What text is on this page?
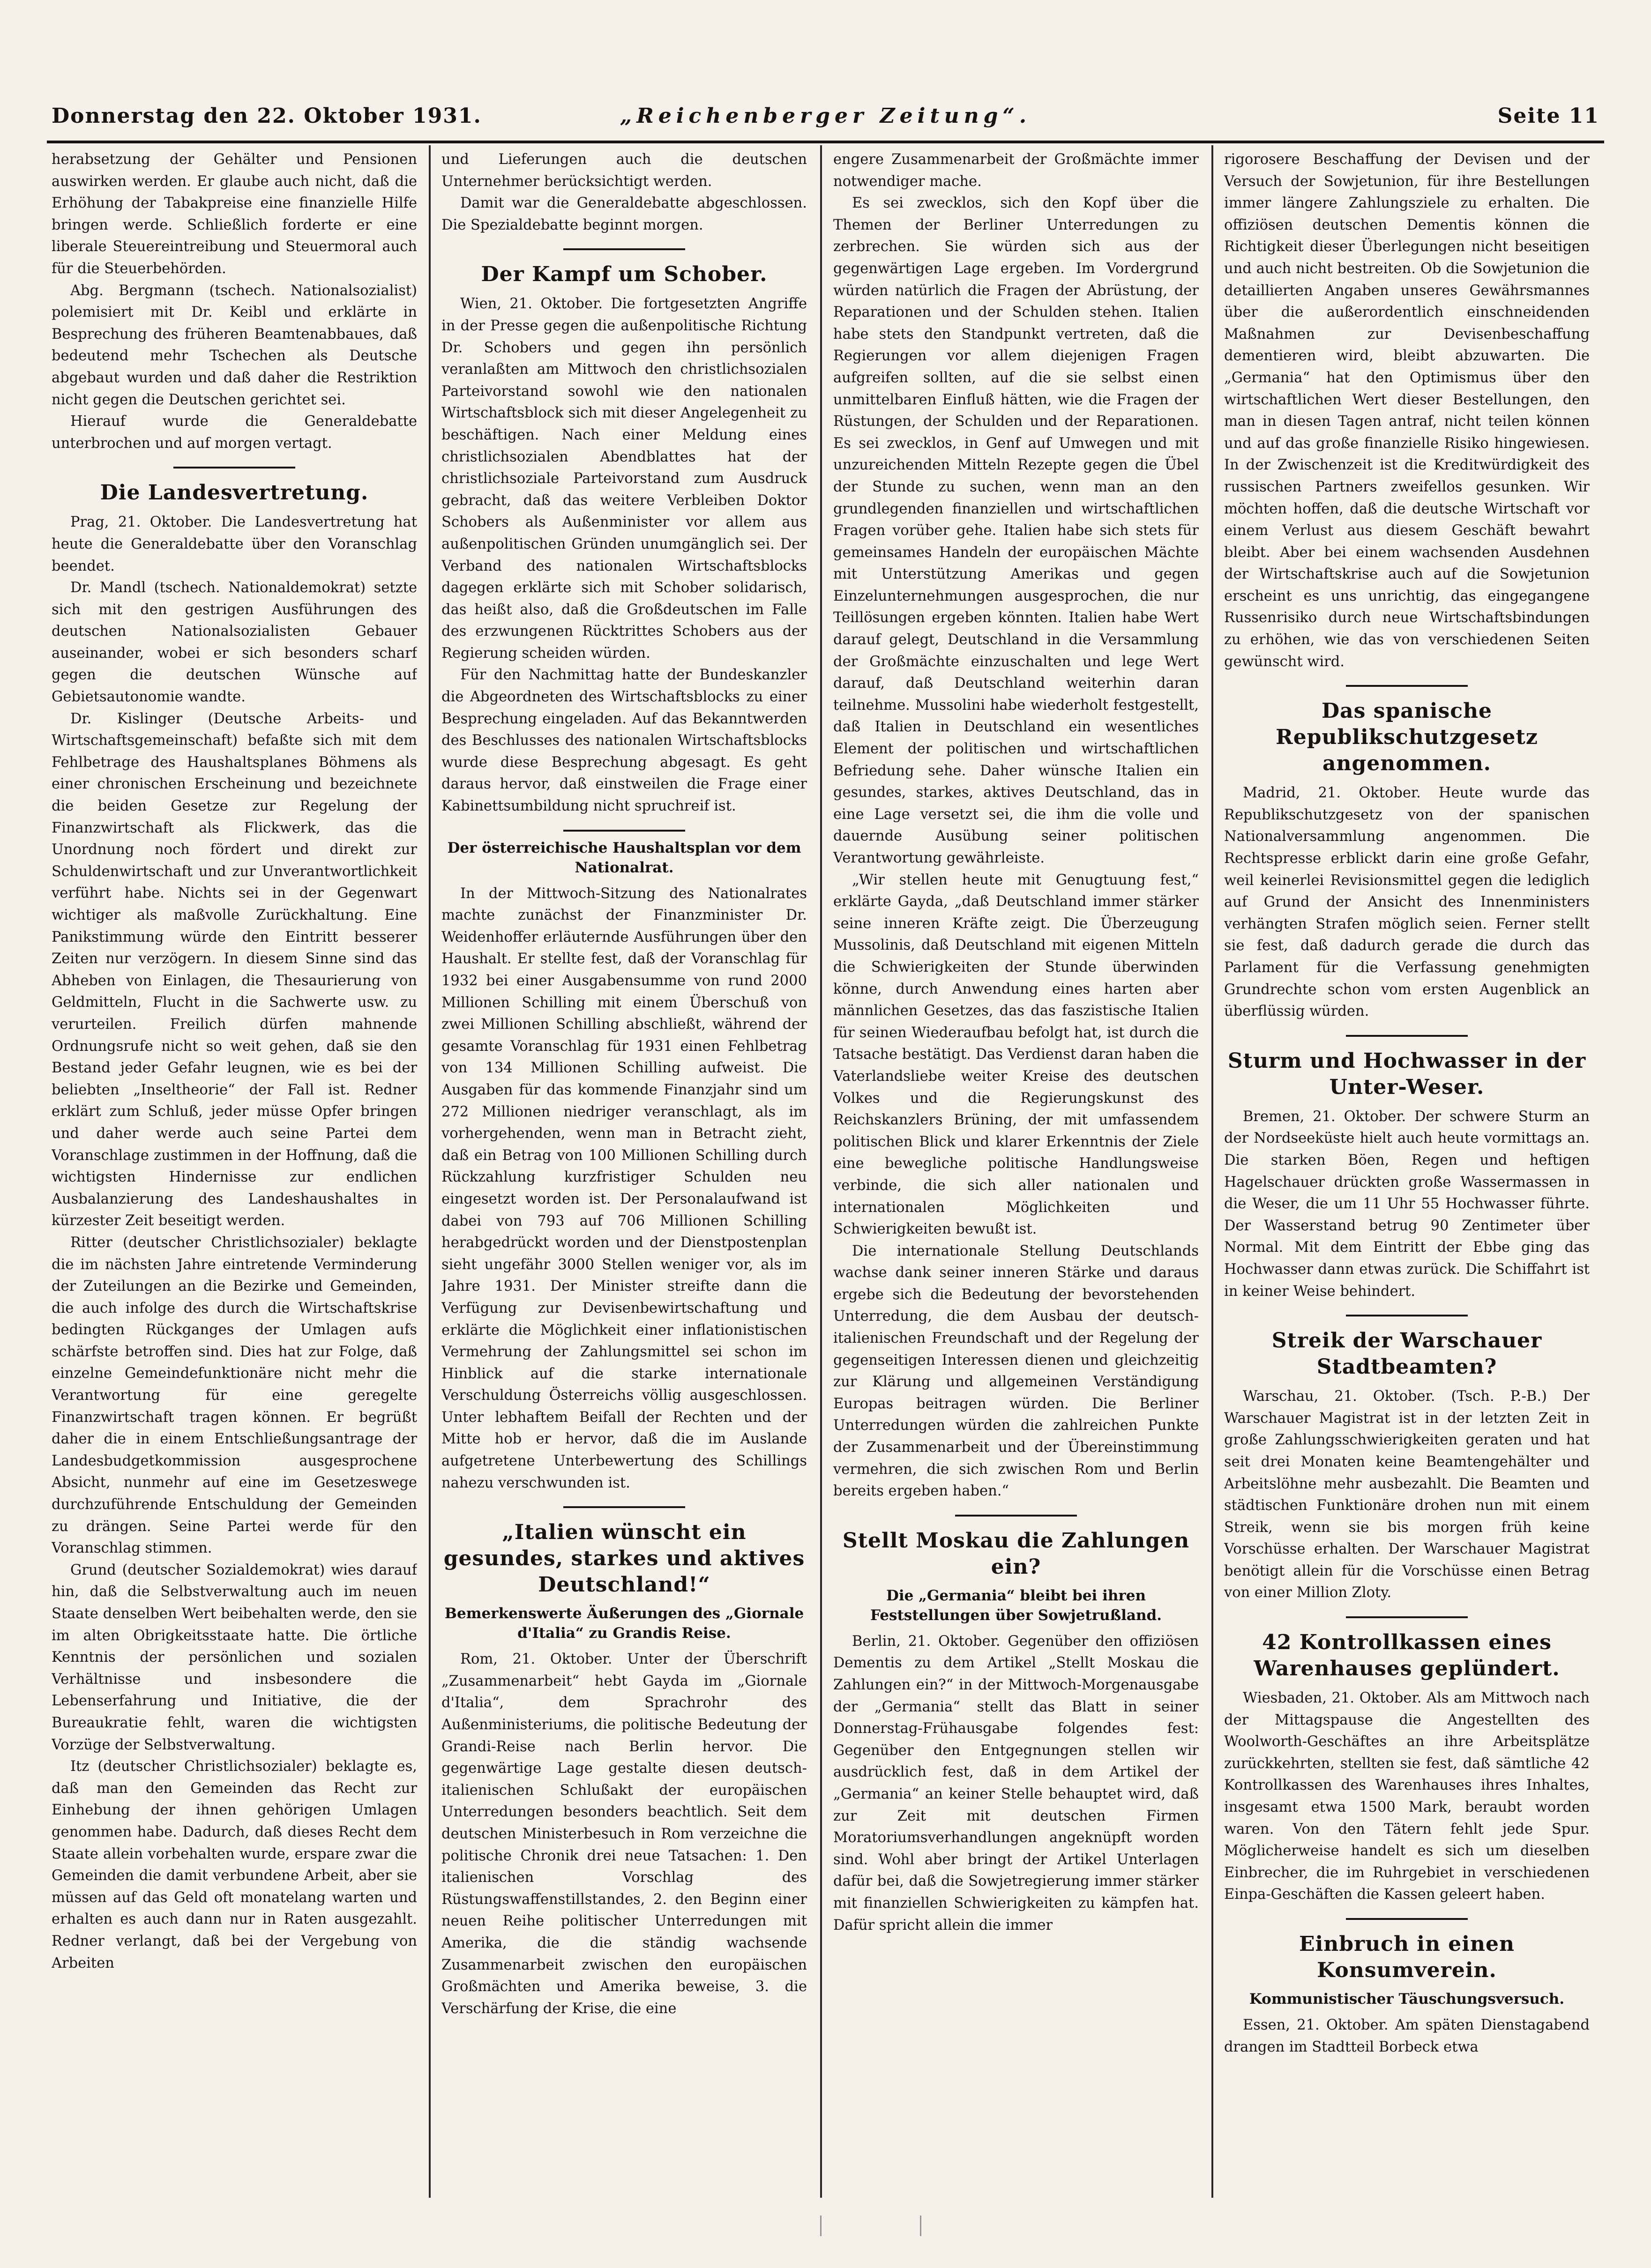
Donnerstag den 22. Oktober 1931.	„Reichenberger Zeitung“.	Seite 11

herabsetzung der Gehälter und Pensionen auswirken werden. Er glaube auch nicht, daß die Erhöhung der Tabakpreise eine finanzielle Hilfe bringen werde. Schließlich forderte er eine liberale Steuereintreibung und Steuermoral auch für die Steuerbehörden.

Abg. Bergmann (tschech. Nationalsozialist) polemisiert mit Dr. Keibl und erklärte in Besprechung des früheren Beamtenabbaues, daß bedeutend mehr Tschechen als Deutsche abgebaut wurden und daß daher die Restriktion nicht gegen die Deutschen gerichtet sei.

Hierauf wurde die Generaldebatte unterbrochen und auf morgen vertagt.

Die Landesvertretung.

Prag, 21. Oktober. Die Landesvertretung hat heute die Generaldebatte über den Voranschlag beendet.

Dr. Mandl (tschech. Nationaldemokrat) setzte sich mit den gestrigen Ausführungen des deutschen Nationalsozialisten Gebauer auseinander, wobei er sich besonders scharf gegen die deutschen Wünsche auf Gebietsautonomie wandte.

Dr. Kislinger (Deutsche Arbeits- und Wirtschaftsgemeinschaft) befaßte sich mit dem Fehlbetrage des Haushaltsplanes Böhmens als einer chronischen Erscheinung und bezeichnete die beiden Gesetze zur Regelung der Finanzwirtschaft als Flickwerk, das die Unordnung noch fördert und direkt zur Schuldenwirtschaft und zur Unverantwortlichkeit verführt habe. Nichts sei in der Gegenwart wichtiger als maßvolle Zurückhaltung. Eine Panikstimmung würde den Eintritt besserer Zeiten nur verzögern. In diesem Sinne sind das Abheben von Einlagen, die Thesaurierung von Geldmitteln, Flucht in die Sachwerte usw. zu verurteilen. Freilich dürfen mahnende Ordnungsrufe nicht so weit gehen, daß sie den Bestand jeder Gefahr leugnen, wie es bei der beliebten „Inseltheorie“ der Fall ist. Redner erklärt zum Schluß, jeder müsse Opfer bringen und daher werde auch seine Partei dem Voranschlage zustimmen in der Hoffnung, daß die wichtigsten Hindernisse zur endlichen Ausbalanzierung des Landeshaushaltes in kürzester Zeit beseitigt werden.

Ritter (deutscher Christlichsozialer) beklagte die im nächsten Jahre eintretende Verminderung der Zuteilungen an die Bezirke und Gemeinden, die auch infolge des durch die Wirtschaftskrise bedingten Rückganges der Umlagen aufs schärfste betroffen sind. Dies hat zur Folge, daß einzelne Gemeindefunktionäre nicht mehr die Verantwortung für eine geregelte Finanzwirtschaft tragen können. Er begrüßt daher die in einem Entschließungsantrage der Landesbudgetkommission ausgesprochene Absicht, nunmehr auf eine im Gesetzeswege durchzuführende Entschuldung der Gemeinden zu drängen. Seine Partei werde für den Voranschlag stimmen.

Grund (deutscher Sozialdemokrat) wies darauf hin, daß die Selbstverwaltung auch im neuen Staate denselben Wert beibehalten werde, den sie im alten Obrigkeitsstaate hatte. Die örtliche Kenntnis der persönlichen und sozialen Verhältnisse und insbesondere die Lebenserfahrung und Initiative, die der Bureaukratie fehlt, waren die wichtigsten Vorzüge der Selbstverwaltung.

Itz (deutscher Christlichsozialer) beklagte es, daß man den Gemeinden das Recht zur Einhebung der ihnen gehörigen Umlagen genommen habe. Dadurch, daß dieses Recht dem Staate allein vorbehalten wurde, erspare zwar die Gemeinden die damit verbundene Arbeit, aber sie müssen auf das Geld oft monatelang warten und erhalten es auch dann nur in Raten ausgezahlt. Redner verlangt, daß bei der Vergebung von Arbeiten

und Lieferungen auch die deutschen Unternehmer berücksichtigt werden.

Damit war die Generaldebatte abgeschlossen. Die Spezialdebatte beginnt morgen.

Der Kampf um Schober.

Wien, 21. Oktober. Die fortgesetzten Angriffe in der Presse gegen die außenpolitische Richtung Dr. Schobers und gegen ihn persönlich veranlaßten am Mittwoch den christlichsozialen Parteivorstand sowohl wie den nationalen Wirtschaftsblock sich mit dieser Angelegenheit zu beschäftigen. Nach einer Meldung eines christlichsozialen Abendblattes hat der christlichsoziale Parteivorstand zum Ausdruck gebracht, daß das weitere Verbleiben Doktor Schobers als Außenminister vor allem aus außenpolitischen Gründen unumgänglich sei. Der Verband des nationalen Wirtschaftsblocks dagegen erklärte sich mit Schober solidarisch, das heißt also, daß die Großdeutschen im Falle des erzwungenen Rücktrittes Schobers aus der Regierung scheiden würden.

Für den Nachmittag hatte der Bundeskanzler die Abgeordneten des Wirtschaftsblocks zu einer Besprechung eingeladen. Auf das Bekanntwerden des Beschlusses des nationalen Wirtschaftsblocks wurde diese Besprechung abgesagt. Es geht daraus hervor, daß einstweilen die Frage einer Kabinettsumbildung nicht spruchreif ist.

Der österreichische Haushaltsplan vor dem Nationalrat.

In der Mittwoch-Sitzung des Nationalrates machte zunächst der Finanzminister Dr. Weidenhoffer erläuternde Ausführungen über den Haushalt. Er stellte fest, daß der Voranschlag für 1932 bei einer Ausgabensumme von rund 2000 Millionen Schilling mit einem Überschuß von zwei Millionen Schilling abschließt, während der gesamte Voranschlag für 1931 einen Fehlbetrag von 134 Millionen Schilling aufweist. Die Ausgaben für das kommende Finanzjahr sind um 272 Millionen niedriger veranschlagt, als im vorhergehenden, wenn man in Betracht zieht, daß ein Betrag von 100 Millionen Schilling durch Rückzahlung kurzfristiger Schulden neu eingesetzt worden ist. Der Personalaufwand ist dabei von 793 auf 706 Millionen Schilling herabgedrückt worden und der Dienstpostenplan sieht ungefähr 3000 Stellen weniger vor, als im Jahre 1931. Der Minister streifte dann die Verfügung zur Devisenbewirtschaftung und erklärte die Möglichkeit einer inflationistischen Vermehrung der Zahlungsmittel sei schon im Hinblick auf die starke internationale Verschuldung Österreichs völlig ausgeschlossen. Unter lebhaftem Beifall der Rechten und der Mitte hob er hervor, daß die im Auslande aufgetretene Unterbewertung des Schillings nahezu verschwunden ist.

„Italien wünscht ein gesundes, starkes und aktives Deutschland!“
Bemerkenswerte Äußerungen des „Giornale d'Italia“ zu Grandis Reise.

Rom, 21. Oktober. Unter der Überschrift „Zusammenarbeit“ hebt Gayda im „Giornale d'Italia“, dem Sprachrohr des Außenministeriums, die politische Bedeutung der Grandi-Reise nach Berlin hervor. Die gegenwärtige Lage gestalte diesen deutsch-italienischen Schlußakt der europäischen Unterredungen besonders beachtlich. Seit dem deutschen Ministerbesuch in Rom verzeichne die politische Chronik drei neue Tatsachen: 1. Den italienischen Vorschlag des Rüstungswaffenstillstandes, 2. den Beginn einer neuen Reihe politischer Unterredungen mit Amerika, die die ständig wachsende Zusammenarbeit zwischen den europäischen Großmächten und Amerika beweise, 3. die Verschärfung der Krise, die eine

engere Zusammenarbeit der Großmächte immer notwendiger mache.

Es sei zwecklos, sich den Kopf über die Themen der Berliner Unterredungen zu zerbrechen. Sie würden sich aus der gegenwärtigen Lage ergeben. Im Vordergrund würden natürlich die Fragen der Abrüstung, der Reparationen und der Schulden stehen. Italien habe stets den Standpunkt vertreten, daß die Regierungen vor allem diejenigen Fragen aufgreifen sollten, auf die sie selbst einen unmittelbaren Einfluß hätten, wie die Fragen der Rüstungen, der Schulden und der Reparationen. Es sei zwecklos, in Genf auf Umwegen und mit unzureichenden Mitteln Rezepte gegen die Übel der Stunde zu suchen, wenn man an den grundlegenden finanziellen und wirtschaftlichen Fragen vorüber gehe. Italien habe sich stets für gemeinsames Handeln der europäischen Mächte mit Unterstützung Amerikas und gegen Einzelunternehmungen ausgesprochen, die nur Teillösungen ergeben könnten. Italien habe Wert darauf gelegt, Deutschland in die Versammlung der Großmächte einzuschalten und lege Wert darauf, daß Deutschland weiterhin daran teilnehme. Mussolini habe wiederholt festgestellt, daß Italien in Deutschland ein wesentliches Element der politischen und wirtschaftlichen Befriedung sehe. Daher wünsche Italien ein gesundes, starkes, aktives Deutschland, das in eine Lage versetzt sei, die ihm die volle und dauernde Ausübung seiner politischen Verantwortung gewährleiste.

„Wir stellen heute mit Genugtuung fest,“ erklärte Gayda, „daß Deutschland immer stärker seine inneren Kräfte zeigt. Die Überzeugung Mussolinis, daß Deutschland mit eigenen Mitteln die Schwierigkeiten der Stunde überwinden könne, durch Anwendung eines harten aber männlichen Gesetzes, das das faszistische Italien für seinen Wiederaufbau befolgt hat, ist durch die Tatsache bestätigt. Das Verdienst daran haben die Vaterlandsliebe weiter Kreise des deutschen Volkes und die Regierungskunst des Reichskanzlers Brüning, der mit umfassendem politischen Blick und klarer Erkenntnis der Ziele eine bewegliche politische Handlungsweise verbinde, die sich aller nationalen und internationalen Möglichkeiten und Schwierigkeiten bewußt ist.

Die internationale Stellung Deutschlands wachse dank seiner inneren Stärke und daraus ergebe sich die Bedeutung der bevorstehenden Unterredung, die dem Ausbau der deutsch-italienischen Freundschaft und der Regelung der gegenseitigen Interessen dienen und gleichzeitig zur Klärung und allgemeinen Verständigung Europas beitragen würden. Die Berliner Unterredungen würden die zahlreichen Punkte der Zusammenarbeit und der Übereinstimmung vermehren, die sich zwischen Rom und Berlin bereits ergeben haben.“

Stellt Moskau die Zahlungen ein?
Die „Germania“ bleibt bei ihren Feststellungen über Sowjetrußland.

Berlin, 21. Oktober. Gegenüber den offiziösen Dementis zu dem Artikel „Stellt Moskau die Zahlungen ein?“ in der Mittwoch-Morgenausgabe der „Germania“ stellt das Blatt in seiner Donnerstag-Frühausgabe folgendes fest: Gegenüber den Entgegnungen stellen wir ausdrücklich fest, daß in dem Artikel der „Germania“ an keiner Stelle behauptet wird, daß zur Zeit mit deutschen Firmen Moratoriumsverhandlungen angeknüpft worden sind. Wohl aber bringt der Artikel Unterlagen dafür bei, daß die Sowjetregierung immer stärker mit finanziellen Schwierigkeiten zu kämpfen hat. Dafür spricht allein die immer

rigorosere Beschaffung der Devisen und der Versuch der Sowjetunion, für ihre Bestellungen immer längere Zahlungsziele zu erhalten. Die offiziösen deutschen Dementis können die Richtigkeit dieser Überlegungen nicht beseitigen und auch nicht bestreiten. Ob die Sowjetunion die detaillierten Angaben unseres Gewährsmannes über die außerordentlich einschneidenden Maßnahmen zur Devisenbeschaffung dementieren wird, bleibt abzuwarten. Die „Germania“ hat den Optimismus über den wirtschaftlichen Wert dieser Bestellungen, den man in diesen Tagen antraf, nicht teilen können und auf das große finanzielle Risiko hingewiesen. In der Zwischenzeit ist die Kreditwürdigkeit des russischen Partners zweifellos gesunken. Wir möchten hoffen, daß die deutsche Wirtschaft vor einem Verlust aus diesem Geschäft bewahrt bleibt. Aber bei einem wachsenden Ausdehnen der Wirtschaftskrise auch auf die Sowjetunion erscheint es uns unrichtig, das eingegangene Russenrisiko durch neue Wirtschaftsbindungen zu erhöhen, wie das von verschiedenen Seiten gewünscht wird.

Das spanische Republikschutzgesetz angenommen.

Madrid, 21. Oktober. Heute wurde das Republikschutzgesetz von der spanischen Nationalversammlung angenommen. Die Rechtspresse erblickt darin eine große Gefahr, weil keinerlei Revisionsmittel gegen die lediglich auf Grund der Ansicht des Innenministers verhängten Strafen möglich seien. Ferner stellt sie fest, daß dadurch gerade die durch das Parlament für die Verfassung genehmigten Grundrechte schon vom ersten Augenblick an überflüssig würden.

Sturm und Hochwasser in der Unter-Weser.

Bremen, 21. Oktober. Der schwere Sturm an der Nordseeküste hielt auch heute vormittags an. Die starken Böen, Regen und heftigen Hagelschauer drückten große Wassermassen in die Weser, die um 11 Uhr 55 Hochwasser führte. Der Wasserstand betrug 90 Zentimeter über Normal. Mit dem Eintritt der Ebbe ging das Hochwasser dann etwas zurück. Die Schiffahrt ist in keiner Weise behindert.

Streik der Warschauer Stadtbeamten?

Warschau, 21. Oktober. (Tsch. P.-B.) Der Warschauer Magistrat ist in der letzten Zeit in große Zahlungsschwierigkeiten geraten und hat seit drei Monaten keine Beamtengehälter und Arbeitslöhne mehr ausbezahlt. Die Beamten und städtischen Funktionäre drohen nun mit einem Streik, wenn sie bis morgen früh keine Vorschüsse erhalten. Der Warschauer Magistrat benötigt allein für die Vorschüsse einen Betrag von einer Million Zloty.

42 Kontrollkassen eines Warenhauses geplündert.

Wiesbaden, 21. Oktober. Als am Mittwoch nach der Mittagspause die Angestellten des Woolworth-Geschäftes an ihre Arbeitsplätze zurückkehrten, stellten sie fest, daß sämtliche 42 Kontrollkassen des Warenhauses ihres Inhaltes, insgesamt etwa 1500 Mark, beraubt worden waren. Von den Tätern fehlt jede Spur. Möglicherweise handelt es sich um dieselben Einbrecher, die im Ruhrgebiet in verschiedenen Einpa-Geschäften die Kassen geleert haben.

Einbruch in einen Konsumverein.
Kommunistischer Täuschungsversuch.

Essen, 21. Oktober. Am späten Dienstagabend drangen im Stadtteil Borbeck etwa
